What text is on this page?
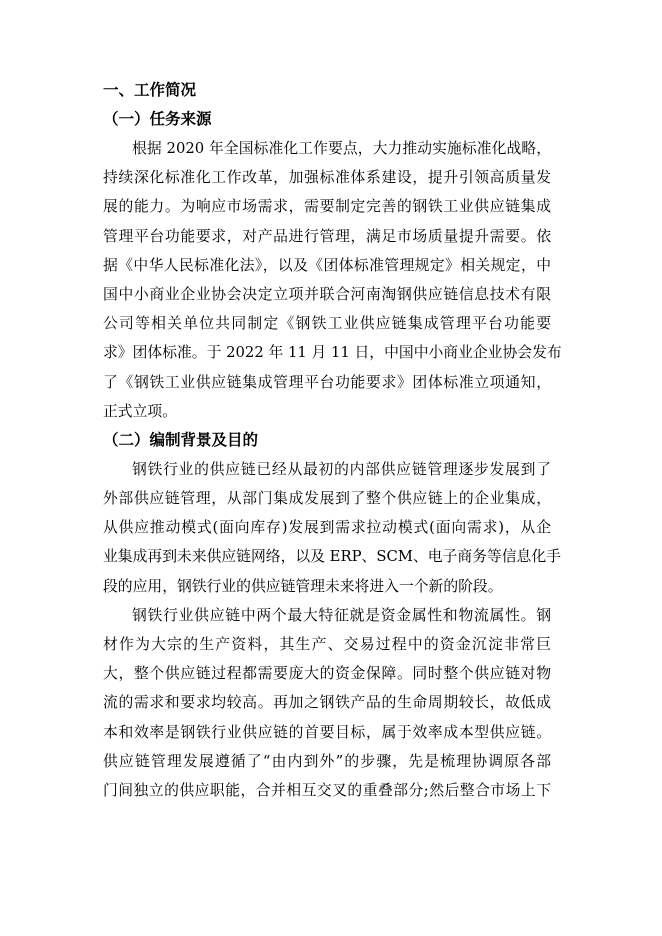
一、工作简况
（一）任务来源
根据 2020 年全国标准化工作要点，大力推动实施标准化战略，
持续深化标准化工作改革，加强标准体系建设，提升引领高质量发
展的能力。为响应市场需求，需要制定完善的钢铁工业供应链集成
管理平台功能要求，对产品进行管理，满足市场质量提升需要。依
据《中华人民标准化法》，以及《团体标准管理规定》相关规定，中
国中小商业企业协会决定立项并联合河南淘钢供应链信息技术有限
公司等相关单位共同制定《钢铁工业供应链集成管理平台功能要
求》团体标准。于 2022 年 11 月 11 日，中国中小商业企业协会发布
了《钢铁工业供应链集成管理平台功能要求》团体标准立项通知，
正式立项。
（二）编制背景及目的
钢铁行业的供应链已经从最初的内部供应链管理逐步发展到了
外部供应链管理，从部门集成发展到了整个供应链上的企业集成，
从供应推动模式(面向库存)发展到需求拉动模式(面向需求)，从企
业集成再到未来供应链网络，以及 ERP、SCM、电子商务等信息化手
段的应用，钢铁行业的供应链管理未来将进入一个新的阶段。
钢铁行业供应链中两个最大特征就是资金属性和物流属性。钢
材作为大宗的生产资料，其生产、交易过程中的资金沉淀非常巨
大，整个供应链过程都需要庞大的资金保障。同时整个供应链对物
流的需求和要求均较高。再加之钢铁产品的生命周期较长，故低成
本和效率是钢铁行业供应链的首要目标，属于效率成本型供应链。
供应链管理发展遵循了“由内到外”的步骤，先是梳理协调原各部
门间独立的供应职能，合并相互交叉的重叠部分;然后整合市场上下
